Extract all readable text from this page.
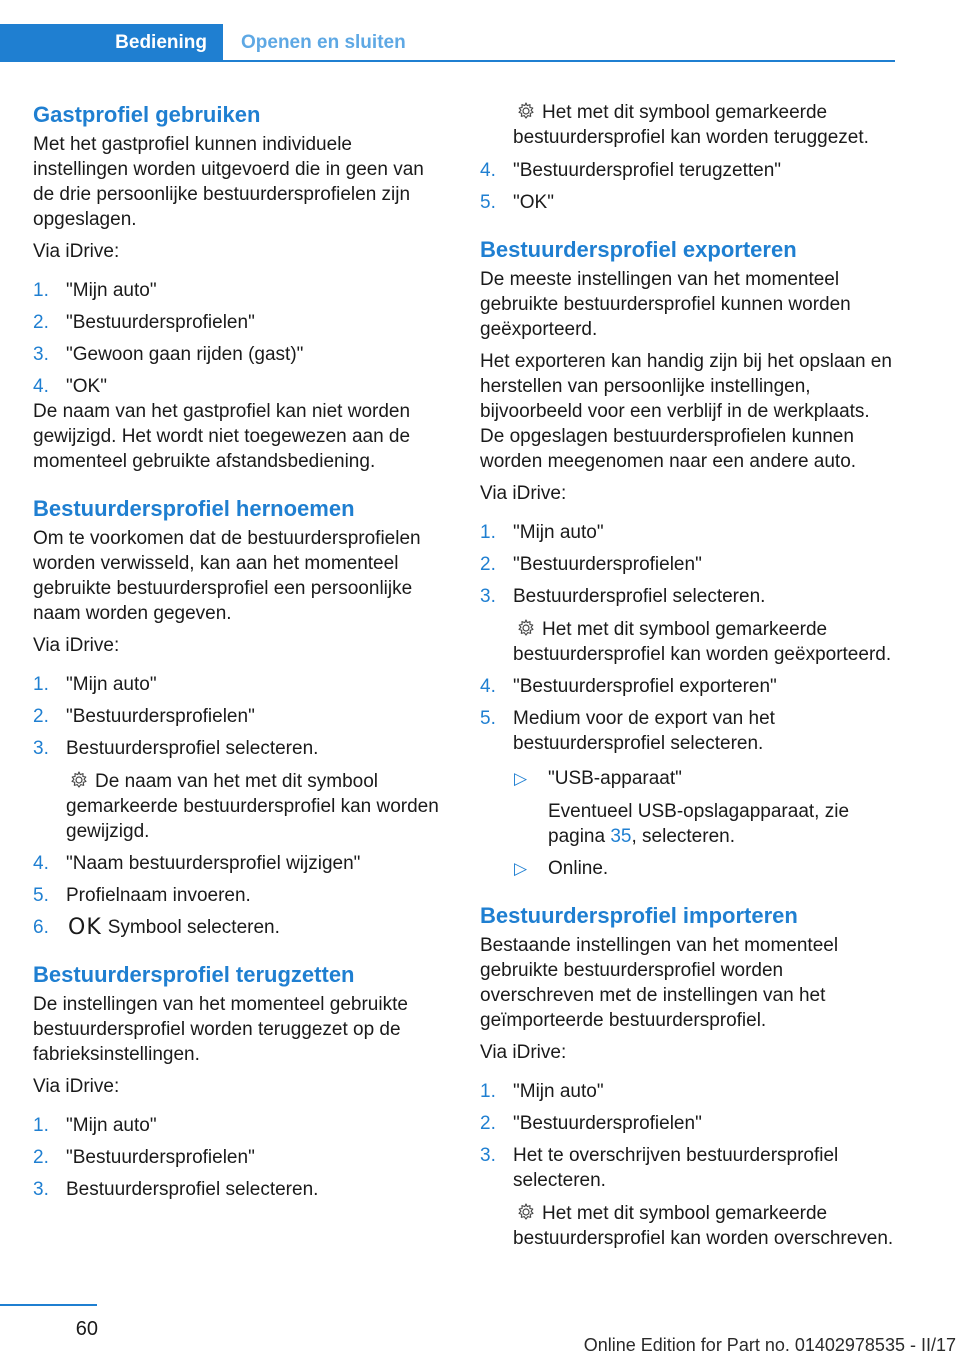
Bediening	Openen en sluiten
Gastprofiel gebruiken

Met het gastprofiel kunnen individuele instellingen worden uitgevoerd die in geen van de drie persoonlijke bestuurdersprofielen zijn opgeslagen.

Via iDrive:

1. "Mijn auto"
2. "Bestuurdersprofielen"
3. "Gewoon gaan rijden (gast)"
4. "OK"

De naam van het gastprofiel kan niet worden gewijzigd. Het wordt niet toegewezen aan de momenteel gebruikte afstandsbediening.

Bestuurdersprofiel hernoemen

Om te voorkomen dat de bestuurdersprofielen worden verwisseld, kan aan het momenteel gebruikte bestuurdersprofiel een persoonlijke naam worden gegeven.

Via iDrive:

1. "Mijn auto"
2. "Bestuurdersprofielen"
3. Bestuurdersprofiel selecteren.
De naam van het met dit symbool gemarkeerde bestuurdersprofiel kan worden gewijzigd.
4. "Naam bestuurdersprofiel wijzigen"
5. Profielnaam invoeren.
6. OK Symbool selecteren.
Bestuurdersprofiel terugzetten

De instellingen van het momenteel gebruikte bestuurdersprofiel worden teruggezet op de fabrieksinstellingen.

Via iDrive:

1. "Mijn auto"
2. "Bestuurdersprofielen"
3. Bestuurdersprofiel selecteren.
Het met dit symbool gemarkeerde bestuurdersprofiel kan worden teruggezet.
4. "Bestuurdersprofiel terugzetten"
5. "OK"
Bestuurdersprofiel exporteren

De meeste instellingen van het momenteel gebruikte bestuurdersprofiel kunnen worden geëxporteerd.

Het exporteren kan handig zijn bij het opslaan en herstellen van persoonlijke instellingen, bijvoorbeeld voor een verblijf in de werkplaats. De opgeslagen bestuurdersprofielen kunnen worden meegenomen naar een andere auto.

Via iDrive:

1. "Mijn auto"
2. "Bestuurdersprofielen"
3. Bestuurdersprofiel selecteren.
Het met dit symbool gemarkeerde bestuurdersprofiel kan worden geëxporteerd.
4. "Bestuurdersprofiel exporteren"
5. Medium voor de export van het bestuurdersprofiel selecteren.
▷ "USB-apparaat"
Eventueel USB-opslagapparaat, zie pagina 35, selecteren.
▷ Online.
Bestuurdersprofiel importeren

Bestaande instellingen van het momenteel gebruikte bestuurdersprofiel worden overschreven met de instellingen van het geïmporteerde bestuurdersprofiel.

Via iDrive:

1. "Mijn auto"
2. "Bestuurdersprofielen"
3. Het te overschrijven bestuurdersprofiel selecteren.
Het met dit symbool gemarkeerde bestuurdersprofiel kan worden overschreven.
60
Online Edition for Part no. 01402978535 - II/17
